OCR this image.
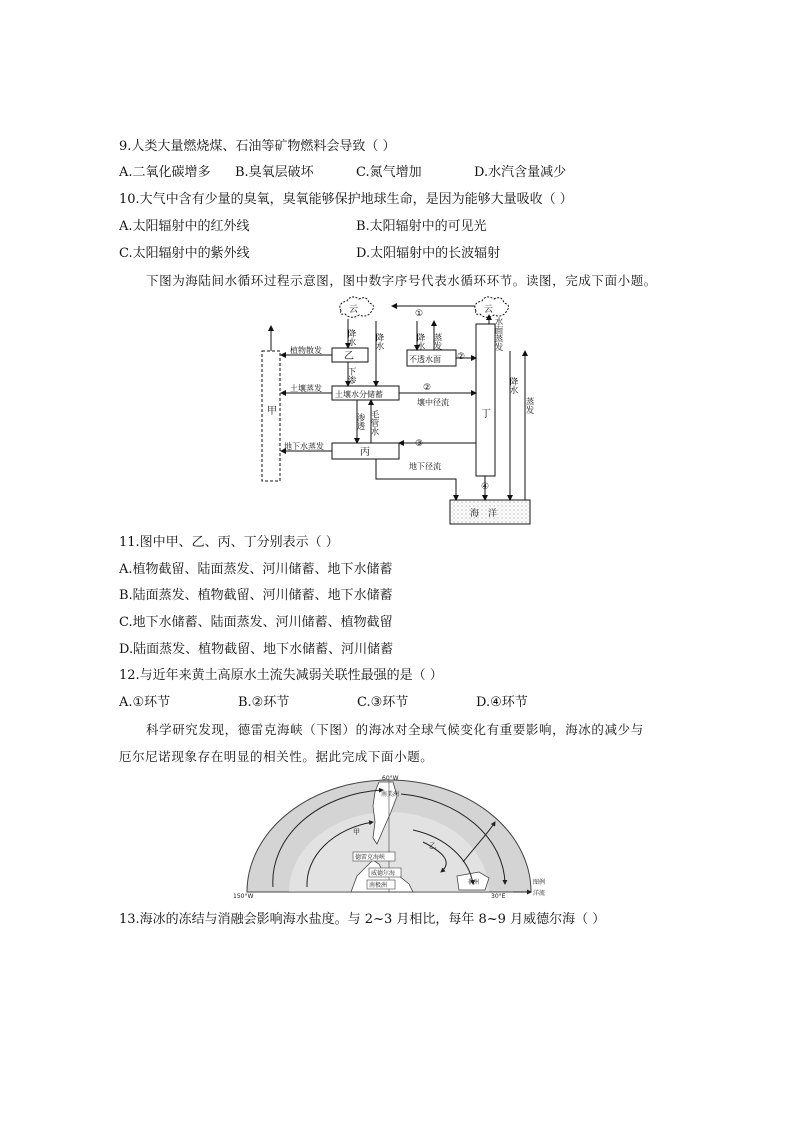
9.人类大量燃烧煤、石油等矿物燃料会导致（ ）
A.二氧化碳增多 B.臭氧层破坏	C.氮气增加	D.水汽含量减少
10.大气中含有少量的臭氧，臭氧能够保护地球生命，是因为能够大量吸收（ ）
A.太阳辐射中的红外线	B.太阳辐射中的可见光
C.太阳辐射中的紫外线	D.太阳辐射中的长波辐射
下图为海陆间水循环过程示意图，图中数字序号代表水循环环节。读图，完成下面小题。
云	云
①
甲
乙
丙
丁
植物散发
土壤蒸发
地下水蒸发
土壤水分储蓄
不透水面
壤中径流
地下径流
海　洋
②
②
③
④
降水 降水	降水
下渗
渗透 毛管水
蒸发	水面蒸发
降水
蒸发
11.图中甲、乙、丙、丁分别表示（ ）
A.植物截留、陆面蒸发、河川储蓄、地下水储蓄
B.陆面蒸发、植物截留、河川储蓄、地下水储蓄
C.地下水储蓄、陆面蒸发、河川储蓄、植物截留
D.陆面蒸发、植物截留、地下水储蓄、河川储蓄
12.与近年来黄土高原水土流失减弱关联性最强的是（ ）
A.①环节	B.②环节	C.③环节	D.④环节
科学研究发现，德雷克海峡（下图）的海冰对全球气候变化有重要影响，海冰的减少与
厄尔尼诺现象存在明显的相关性。据此完成下面小题。
60°W
150°W	30°E
南美洲
非洲
德雷克海峡
威德尔海
南极洲
甲
乙
图例
洋流
13.海冰的冻结与消融会影响海水盐度。与 2~3 月相比，每年 8~9 月威德尔海（ ）
